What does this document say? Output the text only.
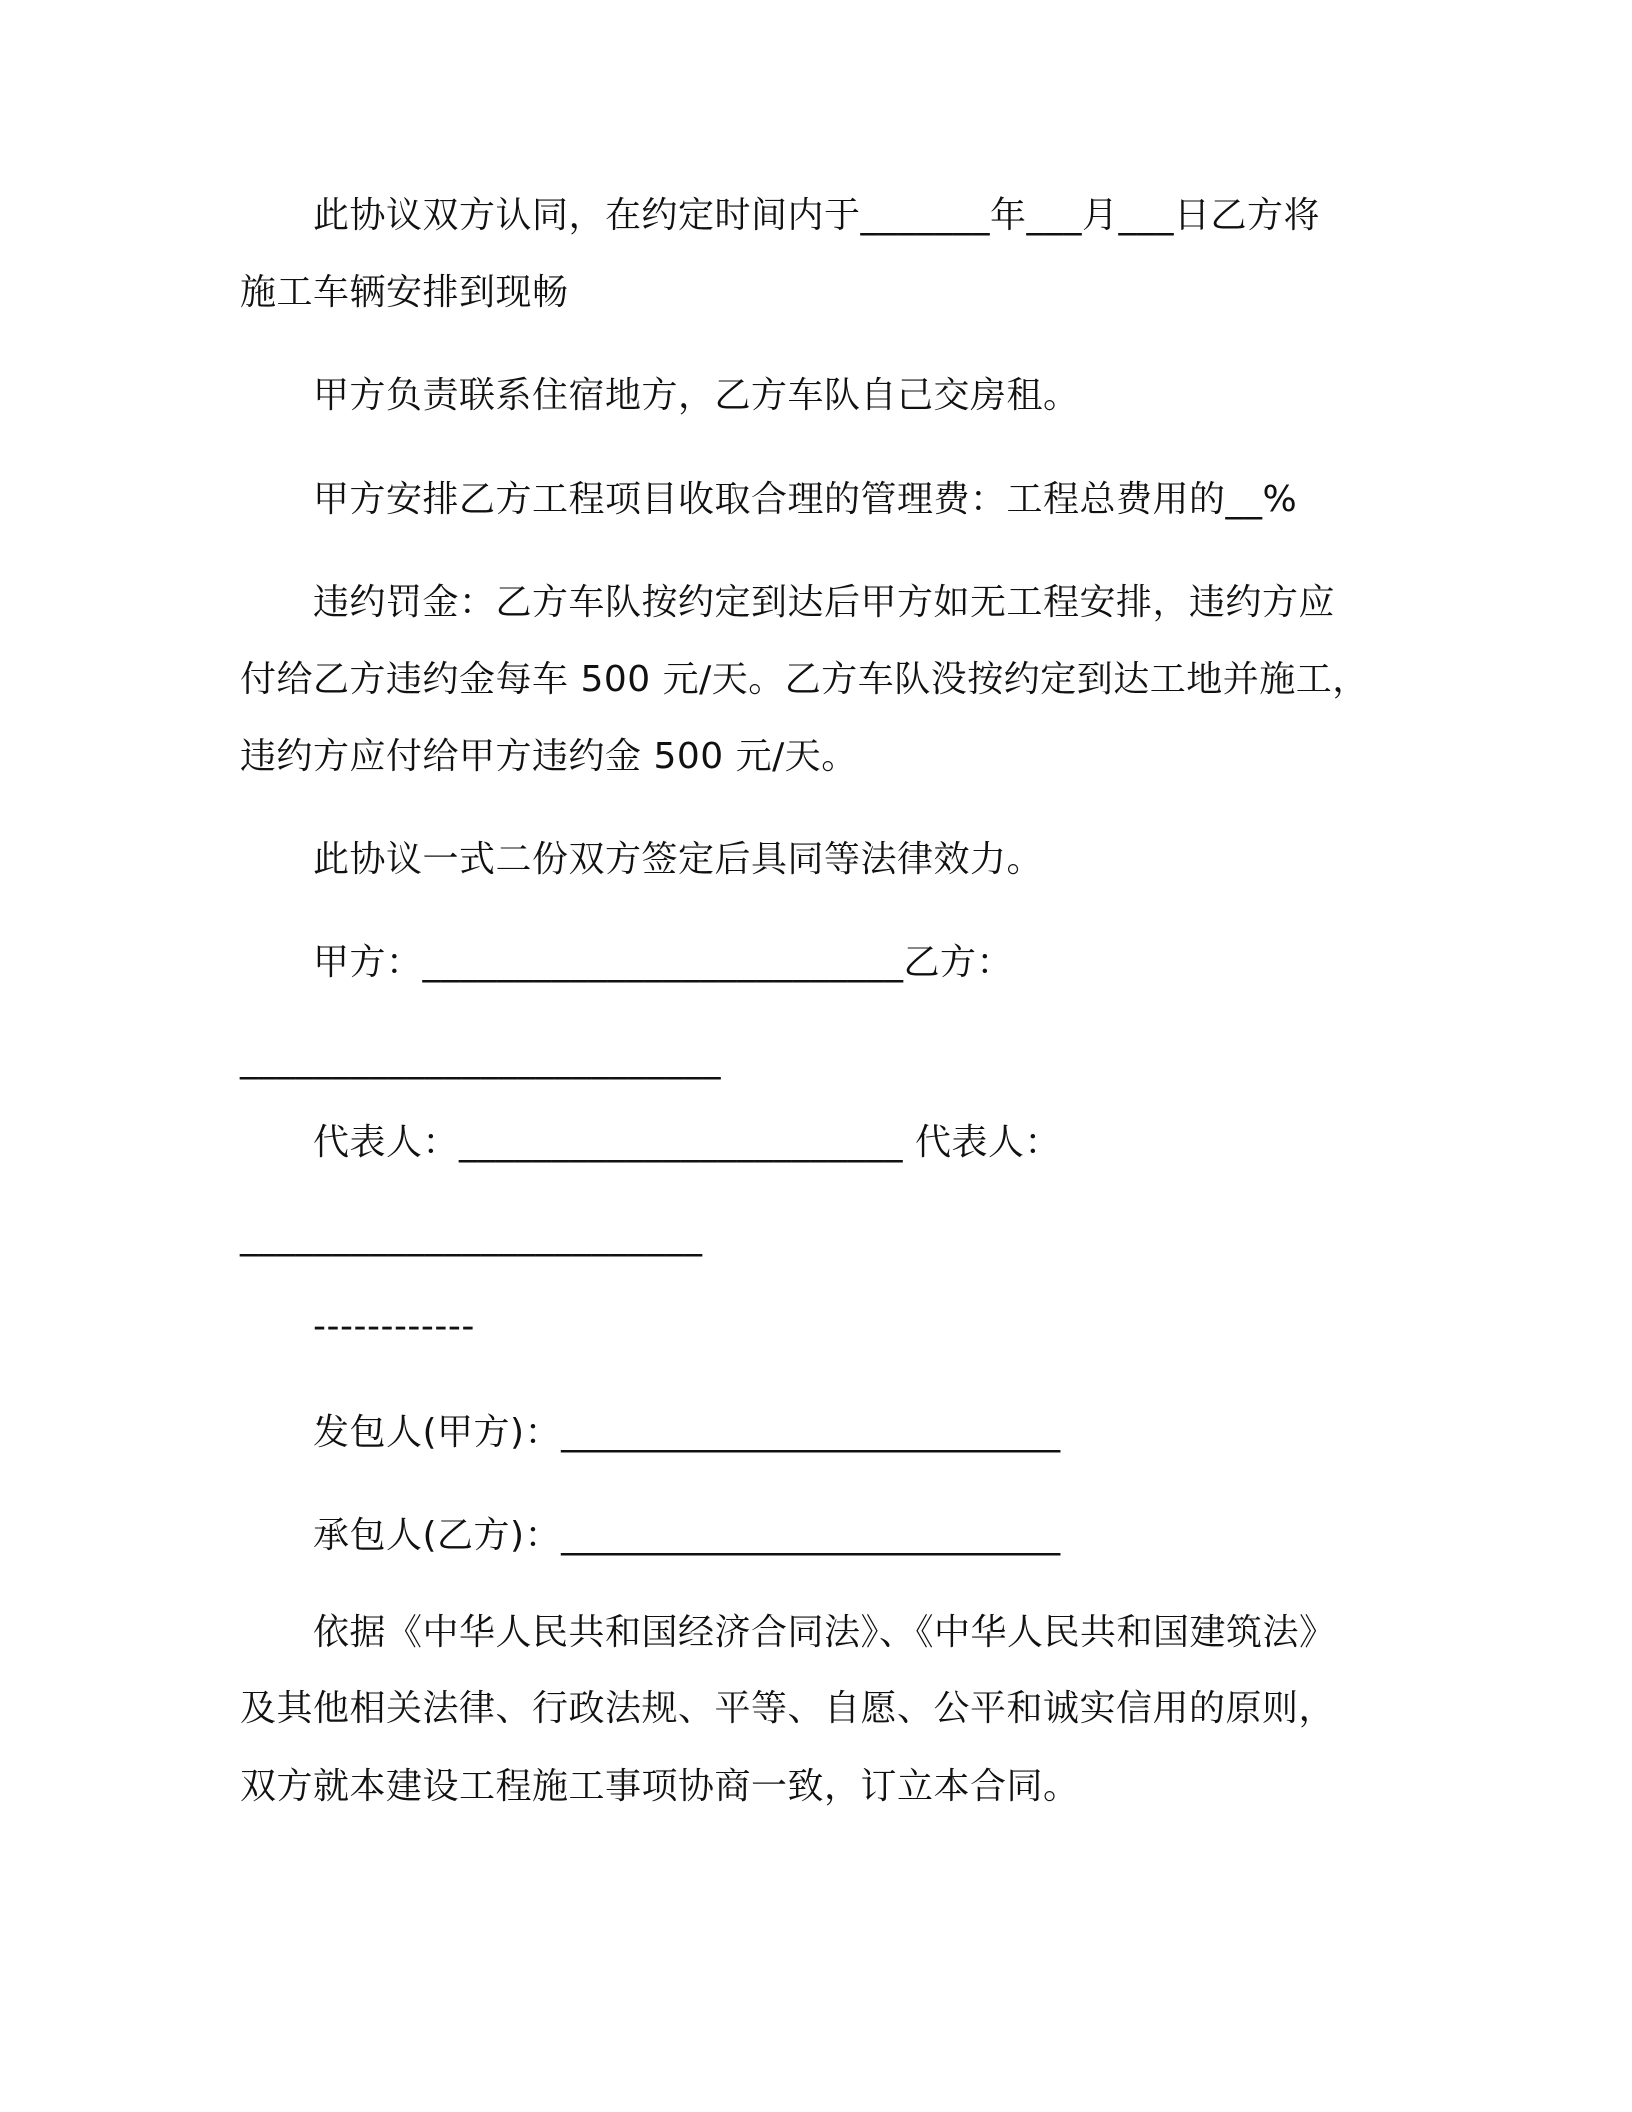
此协议双方认同，在约定时间内于_______年___月___日乙方将
施工车辆安排到现畅
甲方负责联系住宿地方，乙方车队自己交房租。
甲方安排乙方工程项目收取合理的管理费：工程总费用的__%
违约罚金：乙方车队按约定到达后甲方如无工程安排，违约方应
付给乙方违约金每车 500 元/天。乙方车队没按约定到达工地并施工，
违约方应付给甲方违约金 500 元/天。
此协议一式二份双方签定后具同等法律效力。
甲方：__________________________乙方：
__________________________
代表人：________________________ 代表人：
_________________________
------------
发包人(甲方)：___________________________
承包人(乙方)：___________________________
依据《中华人民共和国经济合同法》、《中华人民共和国建筑法》
及其他相关法律、行政法规、平等、自愿、公平和诚实信用的原则，
双方就本建设工程施工事项协商一致，订立本合同。
